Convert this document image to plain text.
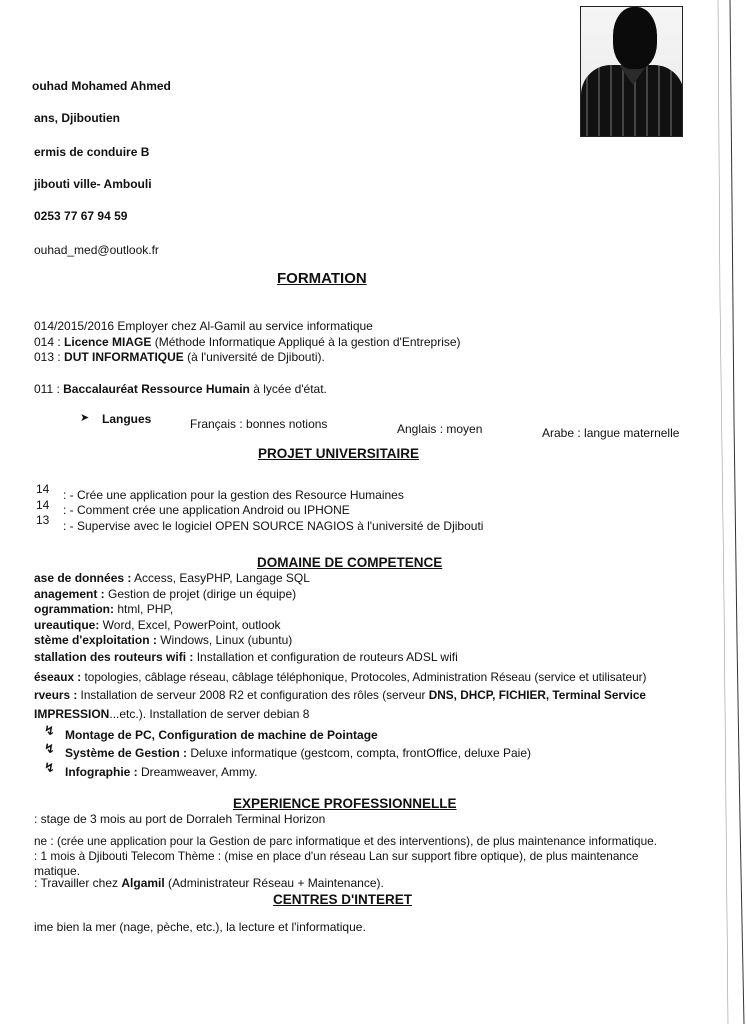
ouhad Mohamed Ahmed
ans, Djiboutien
ermis de conduire B
jibouti ville- Ambouli
0253 77 67 94 59
ouhad_med@outlook.fr
FORMATION
014/2015/2016 Employer chez Al-Gamil au service informatique
014 : Licence MIAGE (Méthode Informatique Appliqué à la gestion d'Entreprise)
013 : DUT INFORMATIQUE (à l'université de Djibouti).
011 : Baccalauréat Ressource Humain à lycée d'état.
➤ Langues	Français : bonnes notions	Anglais : moyen	Arabe : langue maternelle
PROJET UNIVERSITAIRE
14 : - Crée une application pour la gestion des Resource Humaines
14 : - Comment crée une application Android ou IPHONE
13 : - Supervise avec le logiciel OPEN SOURCE NAGIOS à l'université de Djibouti
DOMAINE DE COMPETENCE
ase de données : Access, EasyPHP, Langage SQL
anagement : Gestion de projet (dirige un équipe)
ogrammation: html, PHP,
ureautique: Word, Excel, PowerPoint, outlook
stème d'exploitation : Windows, Linux (ubuntu)
stallation des routeurs wifi : Installation et configuration de routeurs ADSL wifi
éseaux : topologies, câblage réseau, câblage téléphonique, Protocoles, Administration Réseau (service et utilisateur)
rveurs : Installation de serveur 2008 R2 et configuration des rôles (serveur DNS, DHCP, FICHIER, Terminal Service
IMPRESSION...etc.). Installation de server debian 8
↯ Montage de PC, Configuration de machine de Pointage
↯ Système de Gestion : Deluxe informatique (gestcom, compta, frontOffice, deluxe Paie)
↯ Infographie : Dreamweaver, Ammy.
EXPERIENCE PROFESSIONNELLE
: stage de 3 mois au port de Dorraleh Terminal Horizon
ne : (crée une application pour la Gestion de parc informatique et des interventions), de plus maintenance informatique.
: 1 mois à Djibouti Telecom Thème : (mise en place d'un réseau Lan sur support fibre optique), de plus maintenance
matique.
: Travailler chez Algamil (Administrateur Réseau + Maintenance).
CENTRES D'INTERET
ime bien la mer (nage, pèche, etc.), la lecture et l'informatique.
